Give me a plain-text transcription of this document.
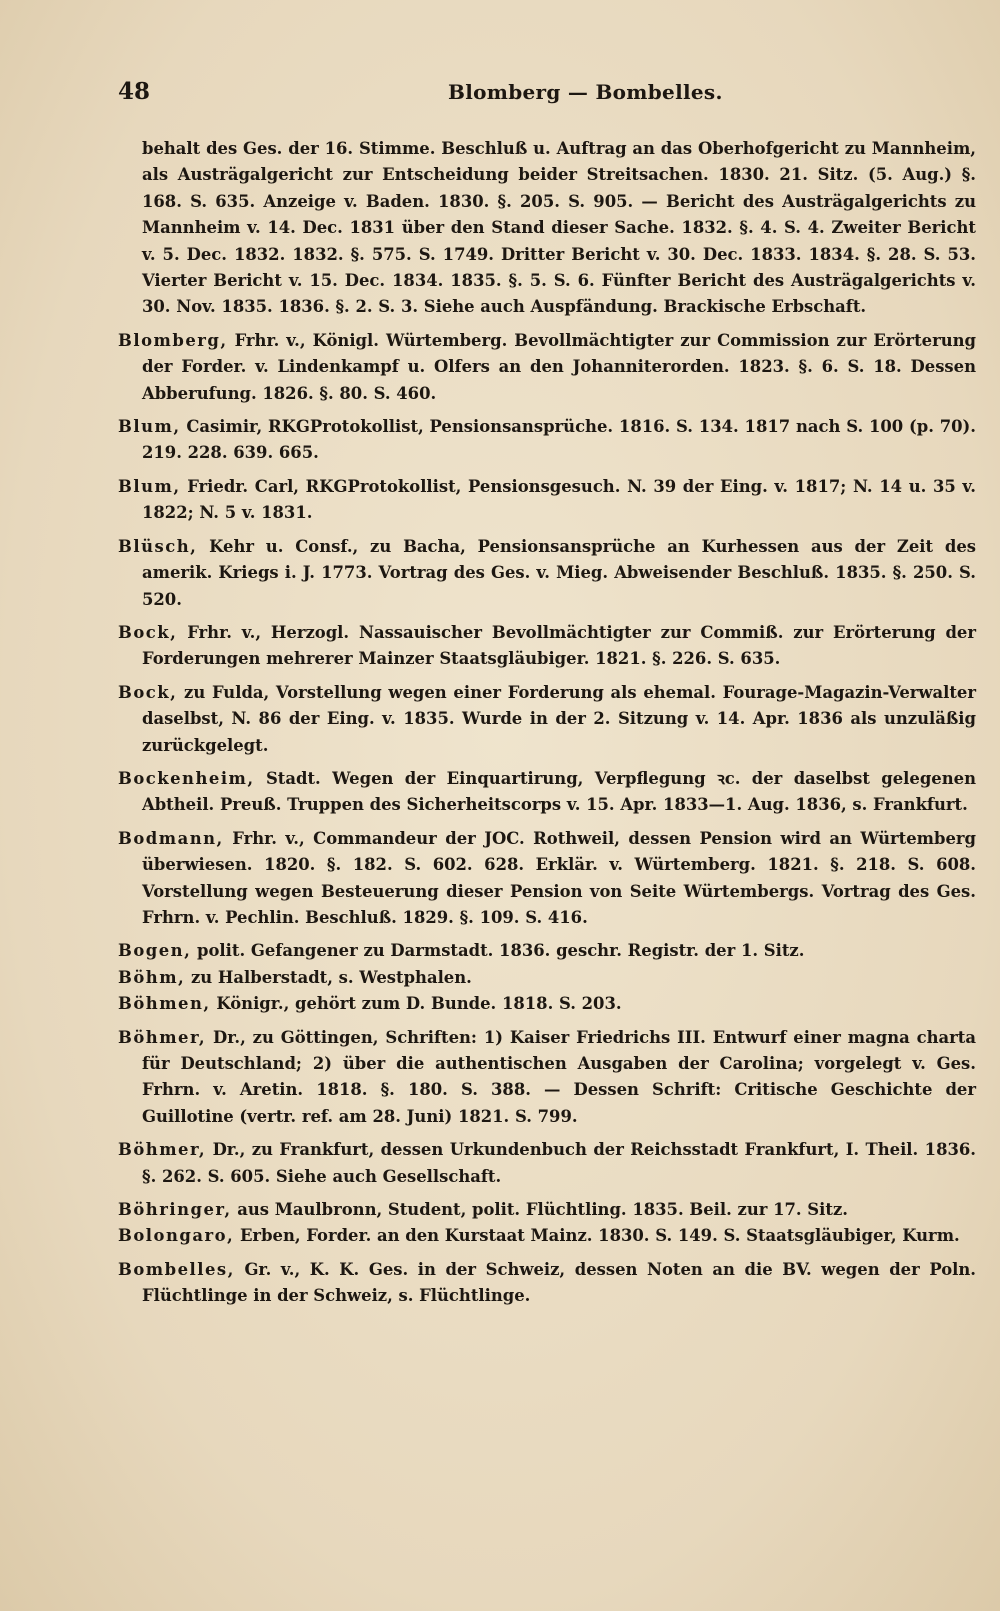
48	Blomberg — Bombelles.

behalt des Ges. der 16. Stimme. Beschluß u. Auftrag an das Oberhofgericht zu Mannheim, als Austrägalgericht zur Entscheidung beider Streitsachen. 1830. 21. Sitz. (5. Aug.) §. 168. S. 635. Anzeige v. Baden. 1830. §. 205. S. 905. — Bericht des Austrägalgerichts zu Mannheim v. 14. Dec. 1831 über den Stand dieser Sache. 1832. §. 4. S. 4. Zweiter Bericht v. 5. Dec. 1832. 1832. §. 575. S. 1749. Dritter Bericht v. 30. Dec. 1833. 1834. §. 28. S. 53. Vierter Bericht v. 15. Dec. 1834. 1835. §. 5. S. 6. Fünfter Bericht des Austrägalgerichts v. 30. Nov. 1835. 1836. §. 2. S. 3. Siehe auch Auspfändung. Brackische Erbschaft.

Blomberg, Frhr. v., Königl. Würtemberg. Bevollmächtigter zur Commission zur Erörterung der Forder. v. Lindenkampf u. Olfers an den Johanniterorden. 1823. §. 6. S. 18. Dessen Abberufung. 1826. §. 80. S. 460.

Blum, Casimir, RKGProtokollist, Pensionsansprüche. 1816. S. 134. 1817 nach S. 100 (p. 70). 219. 228. 639. 665.

Blum, Friedr. Carl, RKGProtokollist, Pensionsgesuch. N. 39 der Eing. v. 1817; N. 14 u. 35 v. 1822; N. 5 v. 1831.

Blüsch, Kehr u. Consf., zu Bacha, Pensionsansprüche an Kurhessen aus der Zeit des amerik. Kriegs i. J. 1773. Vortrag des Ges. v. Mieg. Abweisender Beschluß. 1835. §. 250. S. 520.

Bock, Frhr. v., Herzogl. Nassauischer Bevollmächtigter zur Commiß. zur Erörterung der Forderungen mehrerer Mainzer Staatsgläubiger. 1821. §. 226. S. 635.

Bock, zu Fulda, Vorstellung wegen einer Forderung als ehemal. Fourage-Magazin-Verwalter daselbst, N. 86 der Eing. v. 1835. Wurde in der 2. Sitzung v. 14. Apr. 1836 als unzuläßig zurückgelegt.

Bockenheim, Stadt. Wegen der Einquartirung, Verpflegung ꝛc. der daselbst gelegenen Abtheil. Preuß. Truppen des Sicherheitscorps v. 15. Apr. 1833—1. Aug. 1836, s. Frankfurt.

Bodmann, Frhr. v., Commandeur der JOC. Rothweil, dessen Pension wird an Würtemberg überwiesen. 1820. §. 182. S. 602. 628. Erklär. v. Würtemberg. 1821. §. 218. S. 608. Vorstellung wegen Besteuerung dieser Pension von Seite Würtembergs. Vortrag des Ges. Frhrn. v. Pechlin. Beschluß. 1829. §. 109. S. 416.

Bogen, polit. Gefangener zu Darmstadt. 1836. geschr. Registr. der 1. Sitz.

Böhm, zu Halberstadt, s. Westphalen.

Böhmen, Königr., gehört zum D. Bunde. 1818. S. 203.

Böhmer, Dr., zu Göttingen, Schriften: 1) Kaiser Friedrichs III. Entwurf einer magna charta für Deutschland; 2) über die authentischen Ausgaben der Carolina; vorgelegt v. Ges. Frhrn. v. Aretin. 1818. §. 180. S. 388. — Dessen Schrift: Critische Geschichte der Guillotine (vertr. ref. am 28. Juni) 1821. S. 799.

Böhmer, Dr., zu Frankfurt, dessen Urkundenbuch der Reichsstadt Frankfurt, I. Theil. 1836. §. 262. S. 605. Siehe auch Gesellschaft.

Böhringer, aus Maulbronn, Student, polit. Flüchtling. 1835. Beil. zur 17. Sitz.

Bolongaro, Erben, Forder. an den Kurstaat Mainz. 1830. S. 149. S. Staatsgläubiger, Kurm.

Bombelles, Gr. v., K. K. Ges. in der Schweiz, dessen Noten an die BV. wegen der Poln. Flüchtlinge in der Schweiz, s. Flüchtlinge.
